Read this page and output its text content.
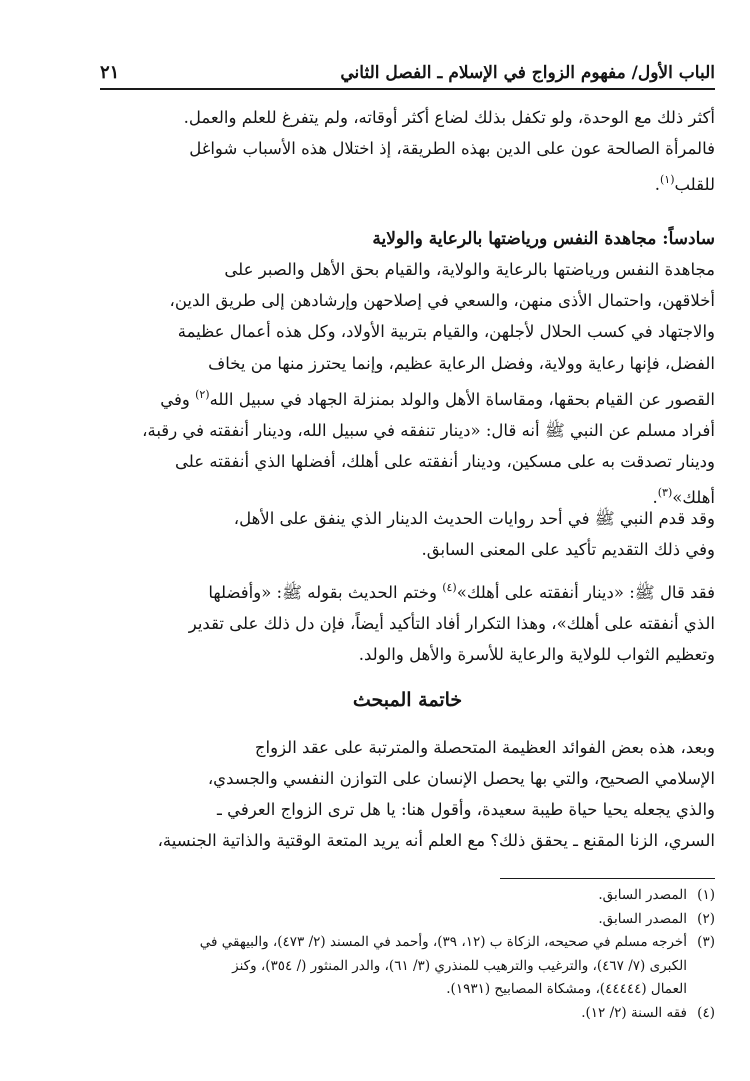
الباب الأول/ مفهوم الزواج في الإسلام ـ الفصل الثاني
٢١
أكثر ذلك مع الوحدة، ولو تكفل بذلك لضاع أكثر أوقاته، ولم يتفرغ للعلم والعمل.
فالمرأة الصالحة عون على الدين بهذه الطريقة، إذ اختلال هذه الأسباب شواغل
للقلب$^{(١)}$.
سادساً: مجاهدة النفس ورياضتها بالرعاية والولاية
مجاهدة النفس ورياضتها بالرعاية والولاية، والقيام بحق الأهل والصبر على
أخلاقهن، واحتمال الأذى منهن، والسعي في إصلاحهن وإرشادهن إلى طريق الدين،
والاجتهاد في كسب الحلال لأجلهن، والقيام بتربية الأولاد، وكل هذه أعمال عظيمة
الفضل، فإنها رعاية وولاية، وفضل الرعاية عظيم، وإنما يحترز منها من يخاف
القصور عن القيام بحقها، ومقاساة الأهل والولد بمنزلة الجهاد في سبيل الله$^{(٢)}$ وفي
أفراد مسلم عن النبي ﷺ أنه قال: «دينار تنفقه في سبيل الله، ودينار أنفقته في رقبة،
ودينار تصدقت به على مسكين، ودينار أنفقته على أهلك، أفضلها الذي أنفقته على
أهلك»$^{(٣)}$.
وقد قدم النبي ﷺ في أحد روايات الحديث الدينار الذي ينفق على الأهل،
وفي ذلك التقديم تأكيد على المعنى السابق.
فقد قال ﷺ: «دينار أنفقته على أهلك»$^{(٤)}$ وختم الحديث بقوله ﷺ: «وأفضلها
الذي أنفقته على أهلك»، وهذا التكرار أفاد التأكيد أيضاً، فإن دل ذلك على تقدير
وتعظيم الثواب للولاية والرعاية للأسرة والأهل والولد.
خاتمة المبحث
وبعد، هذه بعض الفوائد العظيمة المتحصلة والمترتبة على عقد الزواج
الإسلامي الصحيح، والتي بها يحصل الإنسان على التوازن النفسي والجسدي،
والذي يجعله يحيا حياة طيبة سعيدة، وأقول هنا: يا هل ترى الزواج العرفي ـ
السري، الزنا المقنع ـ يحقق ذلك؟ مع العلم أنه يريد المتعة الوقتية والذاتية الجنسية،
(١)
المصدر السابق.
(٢)
المصدر السابق.
(٣)
أخرجه مسلم في صحيحه، الزكاة ب (١٢، ٣٩)، وأحمد في المسند (٢/ ٤٧٣)، والبيهقي في
الكبرى (٧/ ٤٦٧)، والترغيب والترهيب للمنذري (٣/ ٦١)، والدر المنثور (/ ٣٥٤)، وكنز
العمال (٤٤٤٤٤)، ومشكاة المصابيح (١٩٣١).
(٤)
فقه السنة (٢/ ١٢).
